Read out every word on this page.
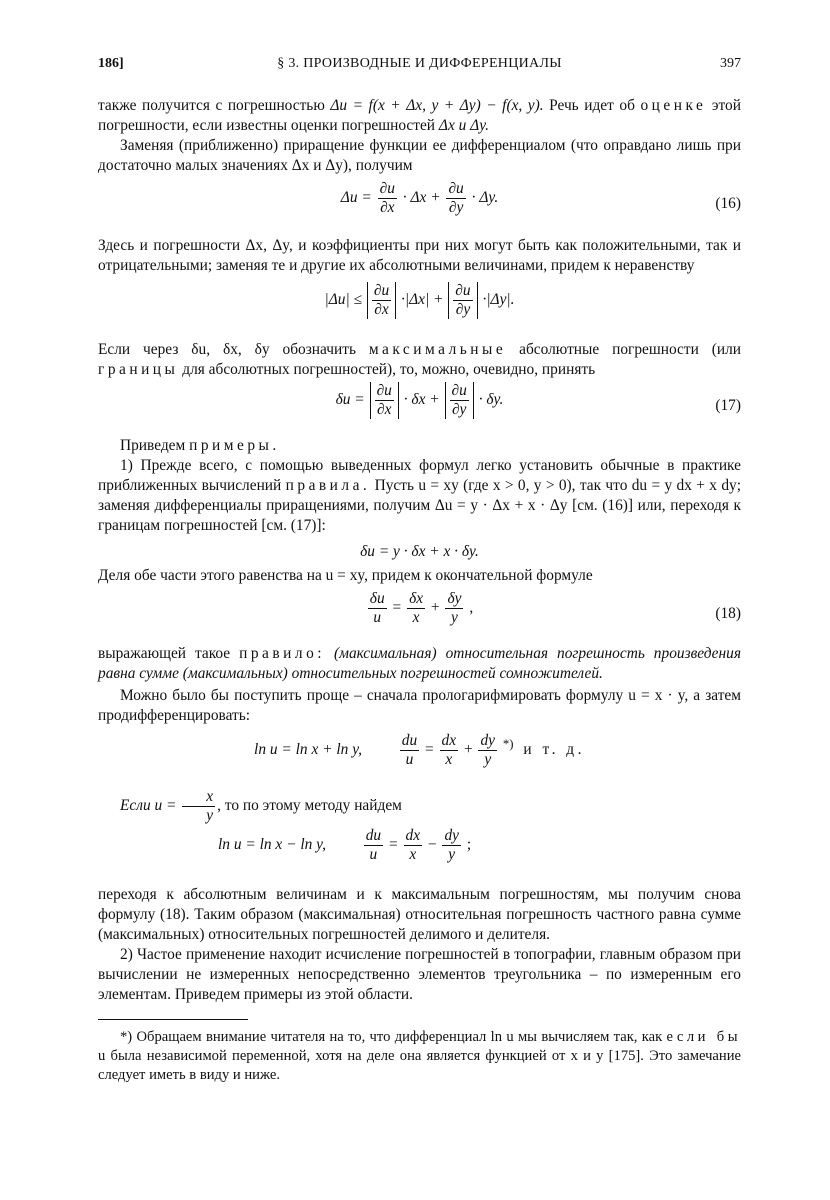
186]	§ 3. ПРОИЗВОДНЫЕ И ДИФФЕРЕНЦИАЛЫ	397

также получится с погрешностью Δu = f(x + Δx, y + Δy) − f(x, y). Речь идет об оценке этой погрешности, если известны оценки погрешностей Δx и Δy.

Заменяя (приближенно) приращение функции ее дифференциалом (что оправдано лишь при достаточно малых значениях Δx и Δy), получим

$\Delta u = \frac{\partial u}{\partial x} \cdot \Delta x + \frac{\partial u}{\partial y} \cdot \Delta y$.	(16)

Здесь и погрешности Δx, Δy, и коэффициенты при них могут быть как положительными, так и отрицательными; заменяя те и другие их абсолютными величинами, придем к неравенству

$|\Delta u| \le \frac{\partial u}{\partial x} \cdot|\Delta x| + \frac{\partial u}{\partial y} \cdot|\Delta y|$.

Если через δu, δx, δy обозначить максимальные абсолютные погрешности (или границы для абсолютных погрешностей), то, можно, очевидно, принять

$\delta u = \frac{\partial u}{\partial x} \cdot \delta x + \frac{\partial u}{\partial y} \cdot \delta y$.	(17)

Приведем примеры.

1) Прежде всего, с помощью выведенных формул легко установить обычные в практике приближенных вычислений правила. Пусть u = xy (где x > 0, y > 0), так что du = y dx + x dy; заменяя дифференциалы приращениями, получим Δu = y · Δx + x · Δy [см. (16)] или, переходя к границам погрешностей [см. (17)]:

δu = y · δx + x · δy.

Деля обе части этого равенства на u = xy, придем к окончательной формуле

$\frac{\delta u}{u} = \frac{\delta x}{x} + \frac{\delta y}{y}$ ,	(18)

выражающей такое правило: (максимальная) относительная погрешность произведения равна сумме (максимальных) относительных погрешностей сомножителей.

Можно было бы поступить проще – сначала прологарифмировать формулу u = x · y, а затем продифференцировать:

ln u = ln x + ln y, $\frac{du}{u} = \frac{dx}{x} + \frac{dy}{y} ^{*)}$ и т. д.

Если $u = \frac{x}{y}$ , то по этому методу найдем

ln u = ln x − ln y, $\frac{du}{u} = \frac{dx}{x} - \frac{dy}{y}$ ;

переходя к абсолютным величинам и к максимальным погрешностям, мы получим снова формулу (18). Таким образом (максимальная) относительная погрешность частного равна сумме (максимальных) относительных погрешностей делимого и делителя.

2) Частое применение находит исчисление погрешностей в топографии, главным образом при вычислении не измеренных непосредственно элементов треугольника – по измеренным его элементам. Приведем примеры из этой области.

*) Обращаем внимание читателя на то, что дифференциал ln u мы вычисляем так, как если бы u была независимой переменной, хотя на деле она является функцией от x и y [175]. Это замечание следует иметь в виду и ниже.
